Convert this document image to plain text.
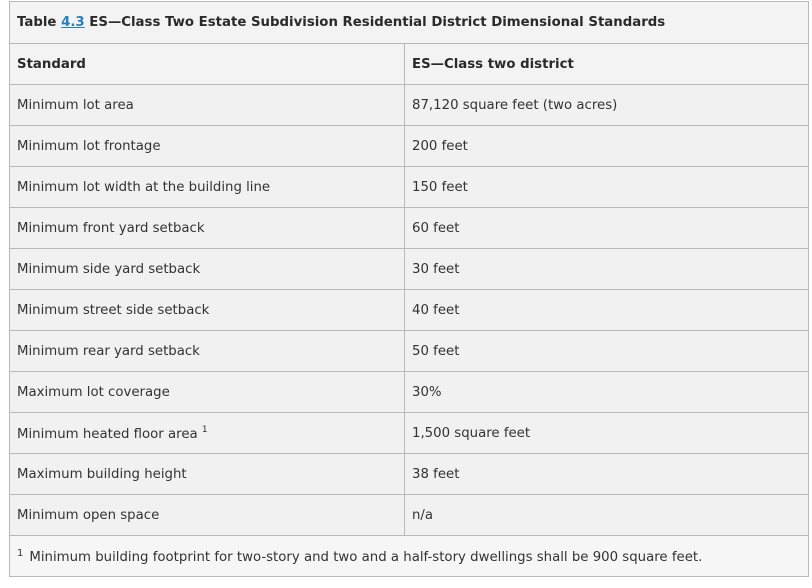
Table 4.3 ES—Class Two Estate Subdivision Residential District Dimensional Standards	
Standard	ES—Class two district
Minimum lot area	87,120 square feet (two acres)
Minimum lot frontage	200 feet
Minimum lot width at the building line	150 feet
Minimum front yard setback	60 feet
Minimum side yard setback	30 feet
Minimum street side setback	40 feet
Minimum rear yard setback	50 feet
Maximum lot coverage	30%
Minimum heated floor area $^1$	1,500 square feet
Maximum building height	38 feet
Minimum open space	n/a
$^1$ Minimum building footprint for two-story and two and a half-story dwellings shall be 900 square feet.	
